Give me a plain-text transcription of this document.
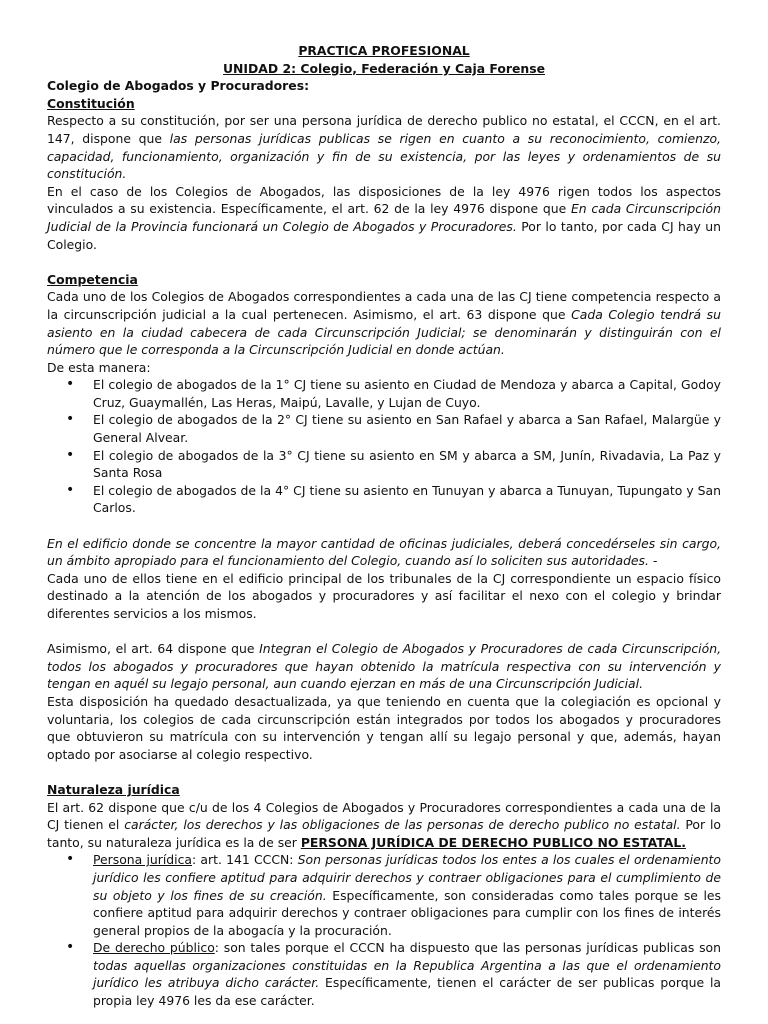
PRACTICA PROFESIONAL
UNIDAD 2: Colegio, Federación y Caja Forense
Colegio de Abogados y Procuradores:
Constitución

Respecto a su constitución, por ser una persona jurídica de derecho publico no estatal, el CCCN, en el art. 147, dispone que las personas jurídicas publicas se rigen en cuanto a su reconocimiento, comienzo, capacidad, funcionamiento, organización y fin de su existencia, por las leyes y ordenamientos de su constitución.

En el caso de los Colegios de Abogados, las disposiciones de la ley 4976 rigen todos los aspectos vinculados a su existencia. Específicamente, el art. 62 de la ley 4976 dispone que En cada Circunscripción Judicial de la Provincia funcionará un Colegio de Abogados y Procuradores. Por lo tanto, por cada CJ hay un Colegio.

Competencia

Cada uno de los Colegios de Abogados correspondientes a cada una de las CJ tiene competencia respecto a la circunscripción judicial a la cual pertenecen. Asimismo, el art. 63 dispone que Cada Colegio tendrá su asiento en la ciudad cabecera de cada Circunscripción Judicial; se denominarán y distinguirán con el número que le corresponda a la Circunscripción Judicial en donde actúan.

De esta manera:

• El colegio de abogados de la 1° CJ tiene su asiento en Ciudad de Mendoza y abarca a Capital, Godoy Cruz, Guaymallén, Las Heras, Maipú, Lavalle, y Lujan de Cuyo.
• El colegio de abogados de la 2° CJ tiene su asiento en San Rafael y abarca a San Rafael, Malargüe y General Alvear.
• El colegio de abogados de la 3° CJ tiene su asiento en SM y abarca a SM, Junín, Rivadavia, La Paz y Santa Rosa
• El colegio de abogados de la 4° CJ tiene su asiento en Tunuyan y abarca a Tunuyan, Tupungato y San Carlos.

En el edificio donde se concentre la mayor cantidad de oficinas judiciales, deberá concedérseles sin cargo, un ámbito apropiado para el funcionamiento del Colegio, cuando así lo soliciten sus autoridades. -

Cada uno de ellos tiene en el edificio principal de los tribunales de la CJ correspondiente un espacio físico destinado a la atención de los abogados y procuradores y así facilitar el nexo con el colegio y brindar diferentes servicios a los mismos.

Asimismo, el art. 64 dispone que Integran el Colegio de Abogados y Procuradores de cada Circunscripción, todos los abogados y procuradores que hayan obtenido la matrícula respectiva con su intervención y tengan en aquél su legajo personal, aun cuando ejerzan en más de una Circunscripción Judicial.

Esta disposición ha quedado desactualizada, ya que teniendo en cuenta que la colegiación es opcional y voluntaria, los colegios de cada circunscripción están integrados por todos los abogados y procuradores que obtuvieron su matrícula con su intervención y tengan allí su legajo personal y que, además, hayan optado por asociarse al colegio respectivo.

Naturaleza jurídica

El art. 62 dispone que c/u de los 4 Colegios de Abogados y Procuradores correspondientes a cada una de la CJ tienen el carácter, los derechos y las obligaciones de las personas de derecho publico no estatal. Por lo tanto, su naturaleza jurídica es la de ser PERSONA JURÍDICA DE DERECHO PUBLICO NO ESTATAL.

• Persona jurídica: art. 141 CCCN: Son personas jurídicas todos los entes a los cuales el ordenamiento jurídico les confiere aptitud para adquirir derechos y contraer obligaciones para el cumplimiento de su objeto y los fines de su creación. Específicamente, son consideradas como tales porque se les confiere aptitud para adquirir derechos y contraer obligaciones para cumplir con los fines de interés general propios de la abogacía y la procuración.
• De derecho público: son tales porque el CCCN ha dispuesto que las personas jurídicas publicas son todas aquellas organizaciones constituidas en la Republica Argentina a las que el ordenamiento jurídico les atribuya dicho carácter. Específicamente, tienen el carácter de ser publicas porque la propia ley 4976 les da ese carácter.
